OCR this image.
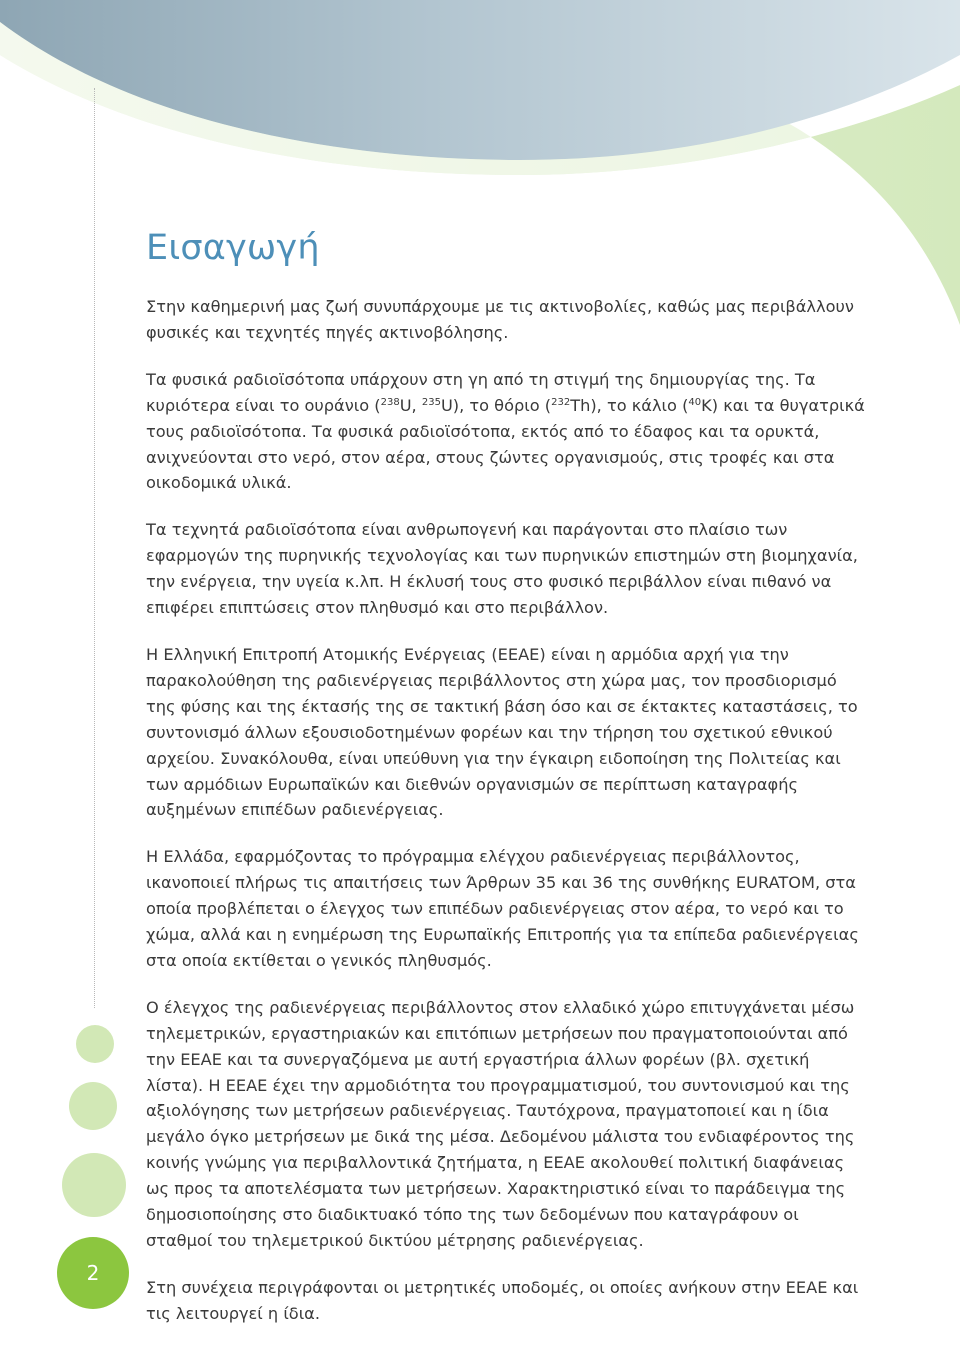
2
Εισαγωγή

Στην καθημερινή μας ζωή συνυπάρχουμε με τις ακτινοβολίες, καθώς μας περιβάλλουν φυσικές και τεχνητές πηγές ακτινοβόλησης.

Τα φυσικά ραδιοϊσότοπα υπάρχουν στη γη από τη στιγμή της δημιουργίας της. Τα κυριότερα είναι το ουράνιο ($^{238}$U, $^{235}$U), το θόριο ($^{232}$Th), το κάλιο ($^{40}$K) και τα θυγατρικά τους ραδιοϊσότοπα. Τα φυσικά ραδιοϊσότοπα, εκτός από το έδαφος και τα ορυκτά, ανιχνεύονται στο νερό, στον αέρα, στους ζώντες οργανισμούς, στις τροφές και στα οικοδομικά υλικά.

Τα τεχνητά ραδιοϊσότοπα είναι ανθρωπογενή και παράγονται στο πλαίσιο των εφαρμογών της πυρηνικής τεχνολογίας και των πυρηνικών επιστημών στη βιομηχανία, την ενέργεια, την υγεία κ.λπ. Η έκλυσή τους στο φυσικό περιβάλλον είναι πιθανό να επιφέρει επιπτώσεις στον πληθυσμό και στο περιβάλλον.

Η Ελληνική Επιτροπή Ατομικής Ενέργειας (ΕΕΑΕ) είναι η αρμόδια αρχή για την παρακολούθηση της ραδιενέργειας περιβάλλοντος στη χώρα μας, τον προσδιορισμό της φύσης και της έκτασής της σε τακτική βάση όσο και σε έκτακτες καταστάσεις, το συντονισμό άλλων εξουσιοδοτημένων φορέων και την τήρηση του σχετικού εθνικού αρχείου. Συνακόλουθα, είναι υπεύθυνη για την έγκαιρη ειδοποίηση της Πολιτείας και των αρμόδιων Ευρωπαϊκών και διεθνών οργανισμών σε περίπτωση καταγραφής αυξημένων επιπέδων ραδιενέργειας.

Η Ελλάδα, εφαρμόζοντας το πρόγραμμα ελέγχου ραδιενέργειας περιβάλλοντος, ικανοποιεί πλήρως τις απαιτήσεις των Άρθρων 35 και 36 της συνθήκης EURATOM, στα οποία προβλέπεται ο έλεγχος των επιπέδων ραδιενέργειας στον αέρα, το νερό και το χώμα, αλλά και η ενημέρωση της Ευρωπαϊκής Επιτροπής για τα επίπεδα ραδιενέργειας στα οποία εκτίθεται ο γενικός πληθυσμός.

Ο έλεγχος της ραδιενέργειας περιβάλλοντος στον ελλαδικό χώρο επιτυγχάνεται μέσω τηλεμετρικών, εργαστηριακών και επιτόπιων μετρήσεων που πραγματοποιούνται από την ΕΕΑΕ και τα συνεργαζόμενα με αυτή εργαστήρια άλλων φορέων (βλ. σχετική λίστα). Η ΕΕΑΕ έχει την αρμοδιότητα του προγραμματισμού, του συντονισμού και της αξιολόγησης των μετρήσεων ραδιενέργειας. Ταυτόχρονα, πραγματοποιεί και η ίδια μεγάλο όγκο μετρήσεων με δικά της μέσα. Δεδομένου μάλιστα του ενδιαφέροντος της κοινής γνώμης για περιβαλλοντικά ζητήματα, η ΕΕΑΕ ακολουθεί πολιτική διαφάνειας ως προς τα αποτελέσματα των μετρήσεων. Χαρακτηριστικό είναι το παράδειγμα της δημοσιοποίησης στο διαδικτυακό τόπο της των δεδομένων που καταγράφουν οι σταθμοί του τηλεμετρικού δικτύου μέτρησης ραδιενέργειας.

Στη συνέχεια περιγράφονται οι μετρητικές υποδομές, οι οποίες ανήκουν στην ΕΕΑΕ και τις λειτουργεί η ίδια.
